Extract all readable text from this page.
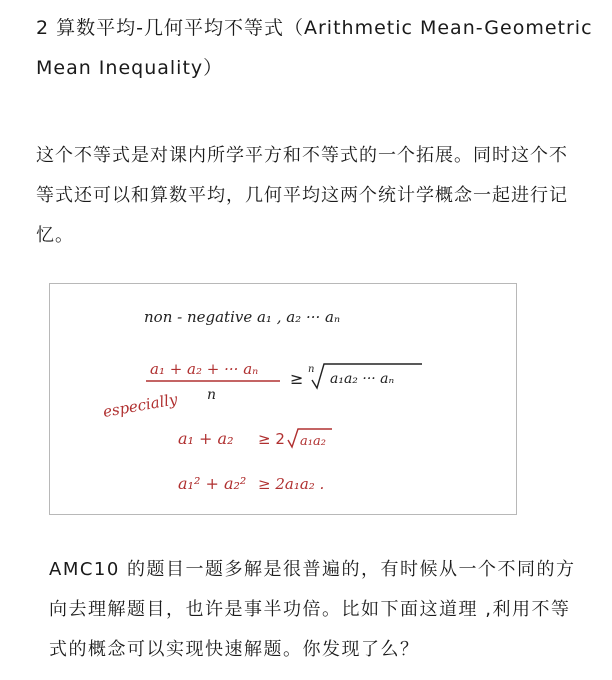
2 算数平均-几何平均不等式（Arithmetic Mean-Geometric Mean Inequality）

这个不等式是对课内所学平方和不等式的一个拓展。同时这个不等式还可以和算数平均，几何平均这两个统计学概念一起进行记忆。

non - negative a₁ , a₂ ··· aₙ
a₁ + a₂ + ··· aₙ
n
≥ n
a₁a₂ ··· aₙ
especially
a₁ + a₂ ≥ 2 a₁a₂
a₁² + a₂² ≥ 2a₁a₂ .

AMC10 的题目一题多解是很普遍的，有时候从一个不同的方向去理解题目，也许是事半功倍。比如下面这道理 ,利用不等式的概念可以实现快速解题。你发现了么？
